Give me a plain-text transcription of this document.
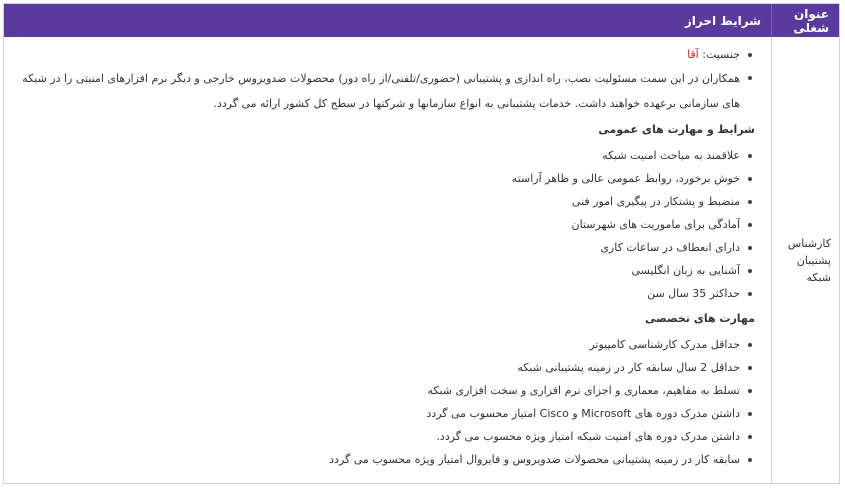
عنوان شغلی
شرایط احراز
کارشناس
پشتیبان شبکه
جنسیت: آقا
همکاران در این سمت مسئولیت نصب، راه اندازی و پشتیبانی (حضوری/تلفنی/از راه دور) محصولات ضدویروس خارجی و دیگر نرم افزارهای امنیتی را در شبکه های سازمانی برعهده خواهند داشت. خدمات پشتیبانی به انواع سازمانها و شرکتها در سطح کل کشور ارائه می گردد.
شرایط و مهارت های عمومی
علاقمند به مباحث امنیت شبکه
خوش برخورد، روابط عمومی عالی و ظاهر آراسته
منضبط و پشتکار در پیگیری امور فنی
آمادگی برای ماموریت های شهرستان
دارای انعطاف در ساعات کاری
آشنایی به زبان انگلیسی
حداکثر 35 سال سن
مهارت های تخصصی
حداقل مدرک کارشناسی کامپیوتر
حداقل 2 سال سابقه کار در زمینه پشتیبانی شبکه
تسلط به مفاهیم، معماری و اجزای نرم افزاری و سخت افزاری شبکه
داشتن مدرک دوره های Microsoft و Cisco امتیاز محسوب می گردد
داشتن مدرک دوره های امنیت شبکه امتیاز ویژه محسوب می گردد.
سابقه کار در زمینه پشتیبانی محصولات ضدویروس و فایروال امتیاز ویژه محسوب می گردد
